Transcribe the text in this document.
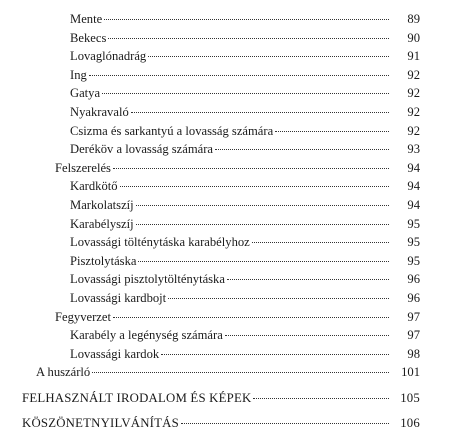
Mente	89
Bekecs	90
Lovaglónadrág	91
Ing	92
Gatya	92
Nyakravaló	92
Csizma és sarkantyú a lovasság számára	92
Deréköv a lovasság számára	93
Felszerelés	94
Kardkötő	94
Markolatszíj	94
Karabélyszíj	95
Lovassági tölténytáska karabélyhoz	95
Pisztolytáska	95
Lovassági pisztolytölténytáska	96
Lovassági kardbojt	96
Fegyverzet	97
Karabély a legénység számára	97
Lovassági kardok	98
A huszárló	101
FELHASZNÁLT IRODALOM ÉS KÉPEK	105
KÖSZÖNETNYILVÁNÍTÁS	106
